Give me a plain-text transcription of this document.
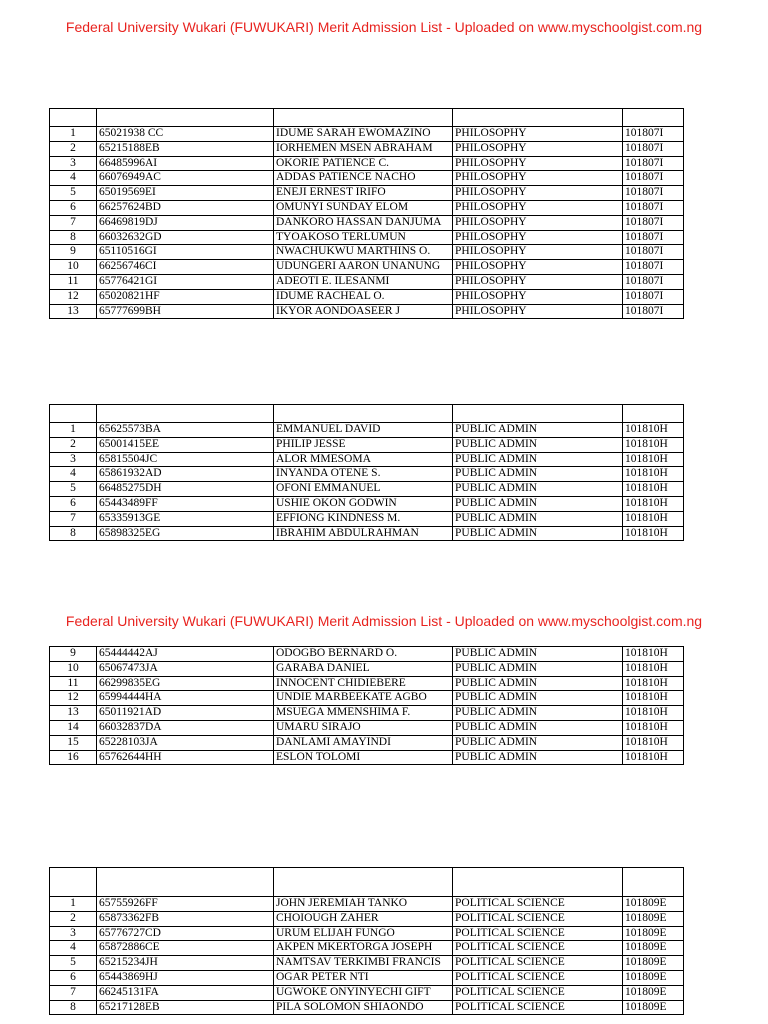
Federal University Wukari (FUWUKARI) Merit Admission List - Uploaded on www.myschoolgist.com.ng

1	65021938 CC	IDUME SARAH EWOMAZINO	PHILOSOPHY	101807I
2	65215188EB	IORHEMEN MSEN ABRAHAM	PHILOSOPHY	101807I
3	66485996AI	OKORIE PATIENCE C.	PHILOSOPHY	101807I
4	66076949AC	ADDAS PATIENCE NACHO	PHILOSOPHY	101807I
5	65019569EI	ENEJI ERNEST IRIFO	PHILOSOPHY	101807I
6	66257624BD	OMUNYI SUNDAY ELOM	PHILOSOPHY	101807I
7	66469819DJ	DANKORO HASSAN DANJUMA	PHILOSOPHY	101807I
8	66032632GD	TYOAKOSO TERLUMUN	PHILOSOPHY	101807I
9	65110516GI	NWACHUKWU MARTHINS O.	PHILOSOPHY	101807I
10	66256746CI	UDUNGERI AARON UNANUNG	PHILOSOPHY	101807I
11	65776421GI	ADEOTI E. ILESANMI	PHILOSOPHY	101807I
12	65020821HF	IDUME RACHEAL O.	PHILOSOPHY	101807I
13	65777699BH	IKYOR AONDOASEER J	PHILOSOPHY	101807I

1	65625573BA	EMMANUEL DAVID	PUBLIC ADMIN	101810H
2	65001415EE	PHILIP JESSE	PUBLIC ADMIN	101810H
3	65815504JC	ALOR MMESOMA	PUBLIC ADMIN	101810H
4	65861932AD	INYANDA OTENE S.	PUBLIC ADMIN	101810H
5	66485275DH	OFONI EMMANUEL	PUBLIC ADMIN	101810H
6	65443489FF	USHIE OKON GODWIN	PUBLIC ADMIN	101810H
7	65335913GE	EFFIONG KINDNESS M.	PUBLIC ADMIN	101810H
8	65898325EG	IBRAHIM ABDULRAHMAN	PUBLIC ADMIN	101810H
Federal University Wukari (FUWUKARI) Merit Admission List - Uploaded on www.myschoolgist.com.ng
9	65444442AJ	ODOGBO BERNARD O.	PUBLIC ADMIN	101810H
10	65067473JA	GARABA DANIEL	PUBLIC ADMIN	101810H
11	66299835EG	INNOCENT CHIDIEBERE	PUBLIC ADMIN	101810H
12	65994444HA	UNDIE MARBEEKATE AGBO	PUBLIC ADMIN	101810H
13	65011921AD	MSUEGA MMENSHIMA F.	PUBLIC ADMIN	101810H
14	66032837DA	UMARU SIRAJO	PUBLIC ADMIN	101810H
15	65228103JA	DANLAMI AMAYINDI	PUBLIC ADMIN	101810H
16	65762644HH	ESLON TOLOMI	PUBLIC ADMIN	101810H

1	65755926FF	JOHN JEREMIAH TANKO	POLITICAL SCIENCE	101809E
2	65873362FB	CHOIOUGH ZAHER	POLITICAL SCIENCE	101809E
3	65776727CD	URUM ELIJAH FUNGO	POLITICAL SCIENCE	101809E
4	65872886CE	AKPEN MKERTORGA JOSEPH	POLITICAL SCIENCE	101809E
5	65215234JH	NAMTSAV TERKIMBI FRANCIS	POLITICAL SCIENCE	101809E
6	65443869HJ	OGAR PETER NTI	POLITICAL SCIENCE	101809E
7	66245131FA	UGWOKE ONYINYECHI GIFT	POLITICAL SCIENCE	101809E
8	65217128EB	PILA SOLOMON SHIAONDO	POLITICAL SCIENCE	101809E
